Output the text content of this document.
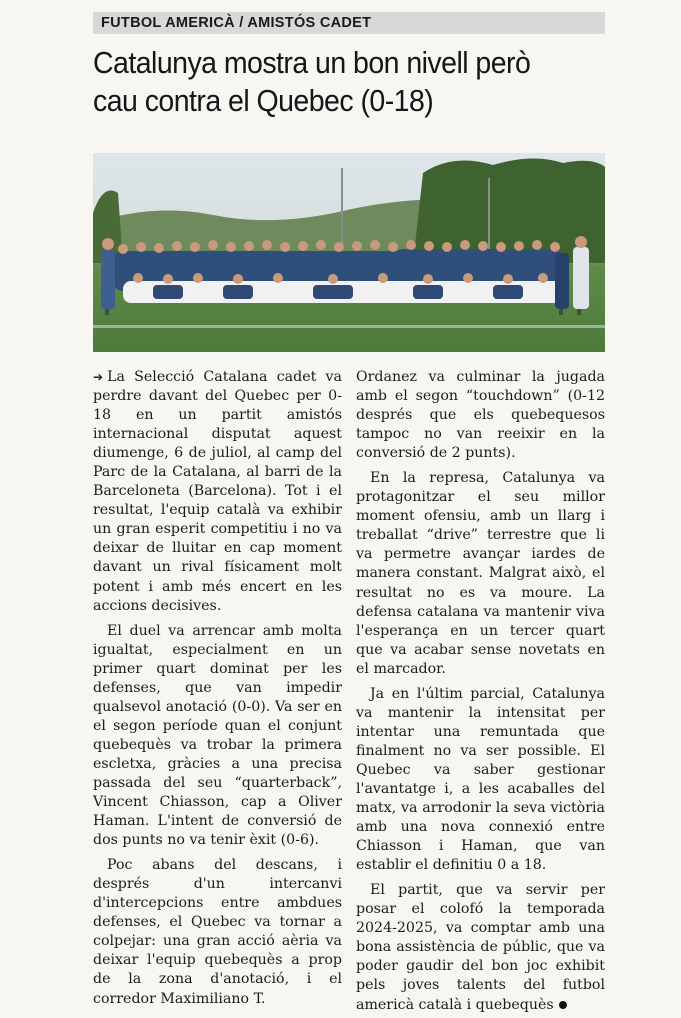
FUTBOL AMERICÀ / AMISTÓS CADET
Catalunya mostra un bon nivell però cau contra el Quebec (0-18)

➔ La Selecció Catalana cadet va perdre davant del Quebec per 0-18 en un partit amistós internacional disputat aquest diumenge, 6 de juliol, al camp del Parc de la Catalana, al barri de la Barceloneta (Barcelona). Tot i el resultat, l'equip català va exhibir un gran esperit competitiu i no va deixar de lluitar en cap moment davant un rival físicament molt potent i amb més encert en les accions decisives.

El duel va arrencar amb molta igualtat, especialment en un primer quart dominat per les defenses, que van impedir qualsevol anotació (0-0). Va ser en el segon període quan el conjunt quebequès va trobar la primera escletxa, gràcies a una precisa passada del seu “quarterback”, Vincent Chiasson, cap a Oliver Haman. L'intent de conversió de dos punts no va tenir èxit (0-6).

Poc abans del descans, i després d'un intercanvi d'intercepcions entre ambdues defenses, el Quebec va tornar a colpejar: una gran acció aèria va deixar l'equip quebequès a prop de la zona d'anotació, i el corredor Maximiliano T.

Ordanez va culminar la jugada amb el segon “touchdown” (0-12 després que els quebequesos tampoc no van reeixir en la conversió de 2 punts).

En la represa, Catalunya va protagonitzar el seu millor moment ofensiu, amb un llarg i treballat “drive” terrestre que li va permetre avançar iardes de manera constant. Malgrat això, el resultat no es va moure. La defensa catalana va mantenir viva l'esperança en un tercer quart que va acabar sense novetats en el marcador.

Ja en l'últim parcial, Catalunya va mantenir la intensitat per intentar una remuntada que finalment no va ser possible. El Quebec va saber gestionar l'avantatge i, a les acaballes del matx, va arrodonir la seva victòria amb una nova connexió entre Chiasson i Haman, que van establir el definitiu 0 a 18.

El partit, que va servir per posar el colofó la temporada 2024-2025, va comptar amb una bona assistència de públic, que va poder gaudir del bon joc exhibit pels joves talents del futbol americà català i quebequès
